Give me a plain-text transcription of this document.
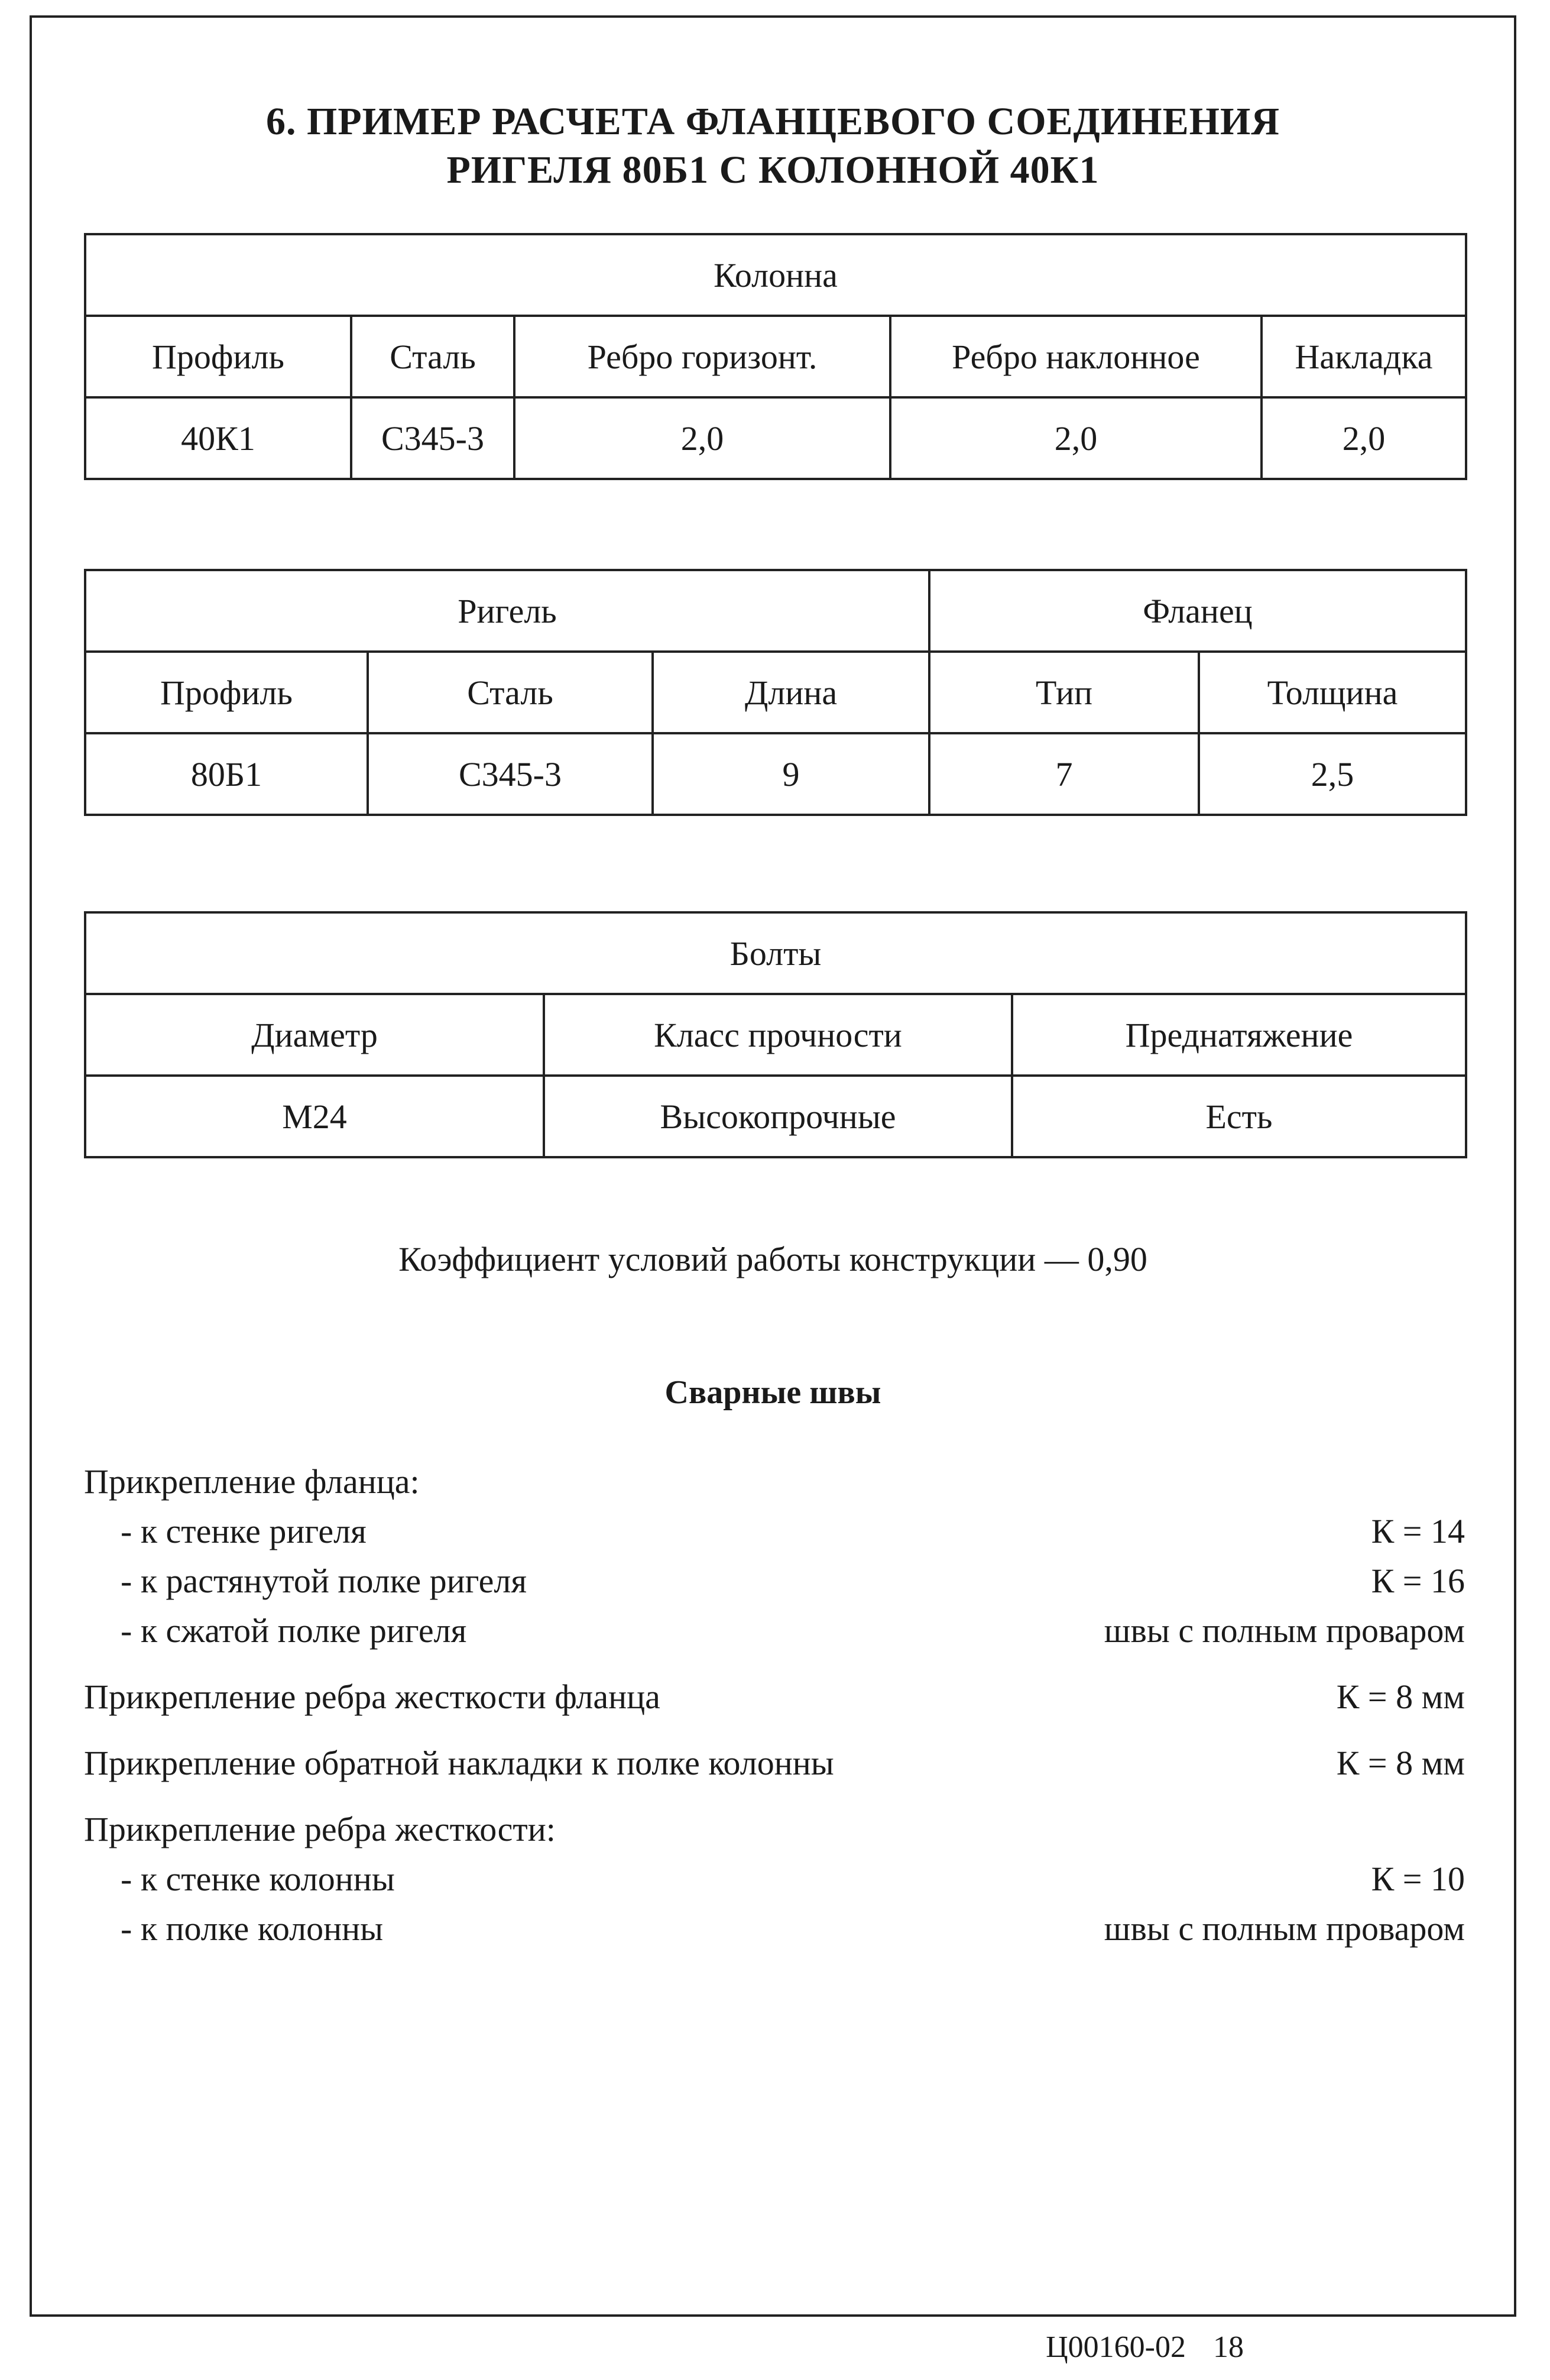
6. ПРИМЕР РАСЧЕТА ФЛАНЦЕВОГО СОЕДИНЕНИЯ
РИГЕЛЯ 80Б1 С КОЛОННОЙ 40К1
Колонна				
Профиль	Сталь	Ребро горизонт.	Ребро наклонное	Накладка
40К1	С345-3	2,0	2,0	2,0
Ригель			Фланец	
Профиль	Сталь	Длина	Тип	Толщина
80Б1	С345-3	9	7	2,5
Болты		
Диаметр	Класс прочности	Преднатяжение
М24	Высокопрочные	Есть
Коэффициент условий работы конструкции — 0,90
Сварные швы
Прикрепление фланца:
- к стенке ригеля	К = 14
- к растянутой полке ригеля	К = 16
- к сжатой полке ригеля	швы с полным проваром
Прикрепление ребра жесткости фланца	К = 8 мм
Прикрепление обратной накладки к полке колонны	К = 8 мм
Прикрепление ребра жесткости:
- к стенке колонны	К = 10
- к полке колонны	швы с полным проваром
Ц00160-02 18
